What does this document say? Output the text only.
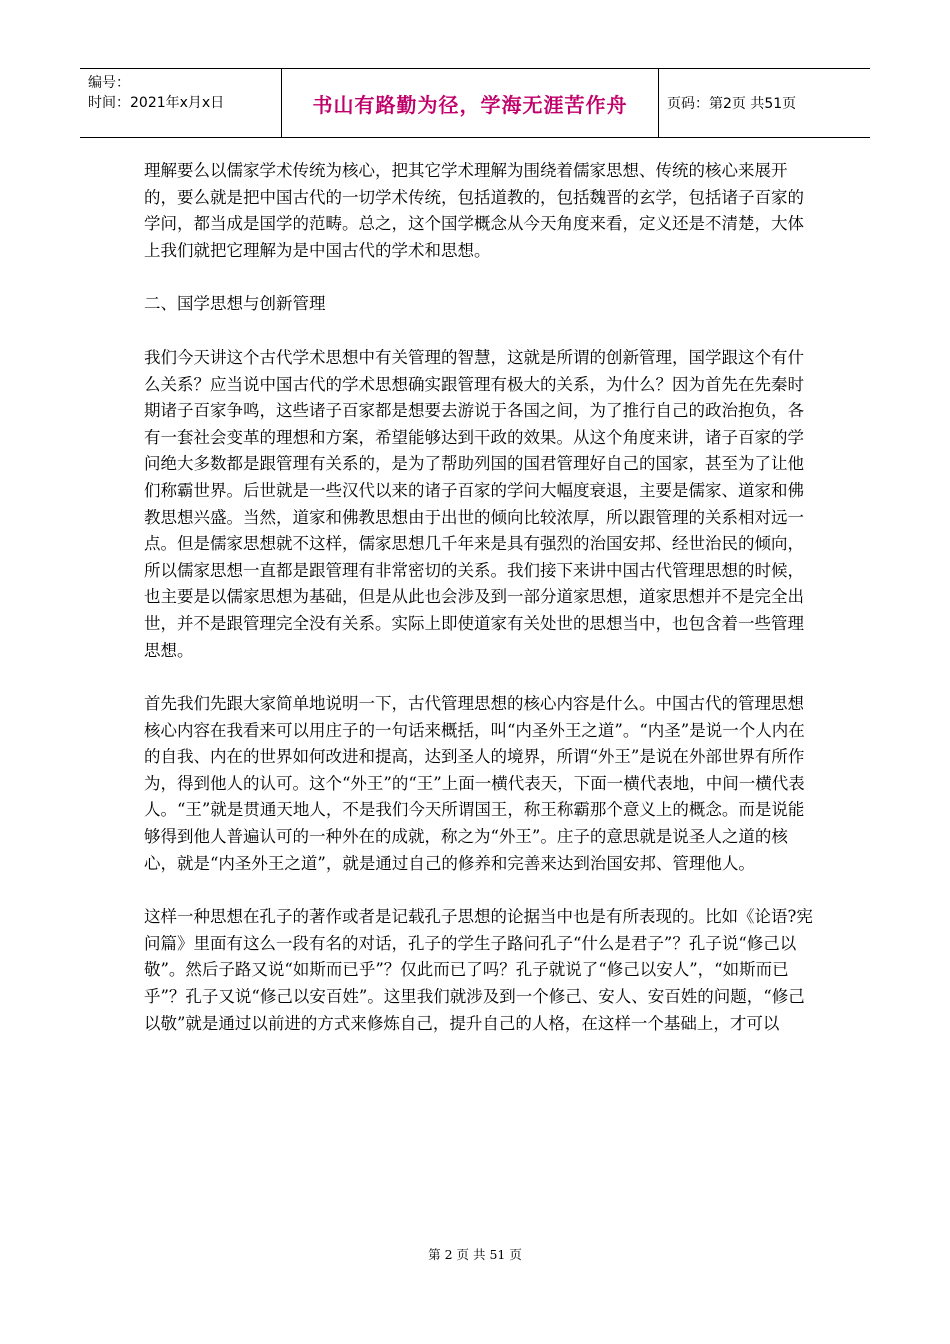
编号：
时间：2021年x月x日	书山有路勤为径，学海无涯苦作舟	页码：第2页 共51页

理解要么以儒家学术传统为核心，把其它学术理解为围绕着儒家思想、传统的核心来展开的，要么就是把中国古代的一切学术传统，包括道教的，包括魏晋的玄学，包括诸子百家的学问，都当成是国学的范畴。总之，这个国学概念从今天角度来看，定义还是不清楚，大体上我们就把它理解为是中国古代的学术和思想。

二、国学思想与创新管理

我们今天讲这个古代学术思想中有关管理的智慧，这就是所谓的创新管理，国学跟这个有什么关系？应当说中国古代的学术思想确实跟管理有极大的关系，为什么？因为首先在先秦时期诸子百家争鸣，这些诸子百家都是想要去游说于各国之间，为了推行自己的政治抱负，各有一套社会变革的理想和方案，希望能够达到干政的效果。从这个角度来讲，诸子百家的学问绝大多数都是跟管理有关系的，是为了帮助列国的国君管理好自己的国家，甚至为了让他们称霸世界。后世就是一些汉代以来的诸子百家的学问大幅度衰退，主要是儒家、道家和佛教思想兴盛。当然，道家和佛教思想由于出世的倾向比较浓厚，所以跟管理的关系相对远一点。但是儒家思想就不这样，儒家思想几千年来是具有强烈的治国安邦、经世治民的倾向，所以儒家思想一直都是跟管理有非常密切的关系。我们接下来讲中国古代管理思想的时候，也主要是以儒家思想为基础，但是从此也会涉及到一部分道家思想，道家思想并不是完全出世，并不是跟管理完全没有关系。实际上即使道家有关处世的思想当中，也包含着一些管理思想。

首先我们先跟大家简单地说明一下，古代管理思想的核心内容是什么。中国古代的管理思想核心内容在我看来可以用庄子的一句话来概括，叫“内圣外王之道”。“内圣”是说一个人内在的自我、内在的世界如何改进和提高，达到圣人的境界，所谓“外王”是说在外部世界有所作为，得到他人的认可。这个“外王”的“王”上面一横代表天，下面一横代表地，中间一横代表人。“王”就是贯通天地人，不是我们今天所谓国王，称王称霸那个意义上的概念。而是说能够得到他人普遍认可的一种外在的成就，称之为“外王”。庄子的意思就是说圣人之道的核心，就是“内圣外王之道”，就是通过自己的修养和完善来达到治国安邦、管理他人。

这样一种思想在孔子的著作或者是记载孔子思想的论据当中也是有所表现的。比如《论语?宪问篇》里面有这么一段有名的对话，孔子的学生子路问孔子“什么是君子”？孔子说“修己以敬”。然后子路又说“如斯而已乎”？仅此而已了吗？孔子就说了“修己以安人”，“如斯而已乎”？孔子又说“修己以安百姓”。这里我们就涉及到一个修己、安人、安百姓的问题，“修己以敬”就是通过以前进的方式来修炼自己，提升自己的人格，在这样一个基础上，才可以

第 2 页 共 51 页
